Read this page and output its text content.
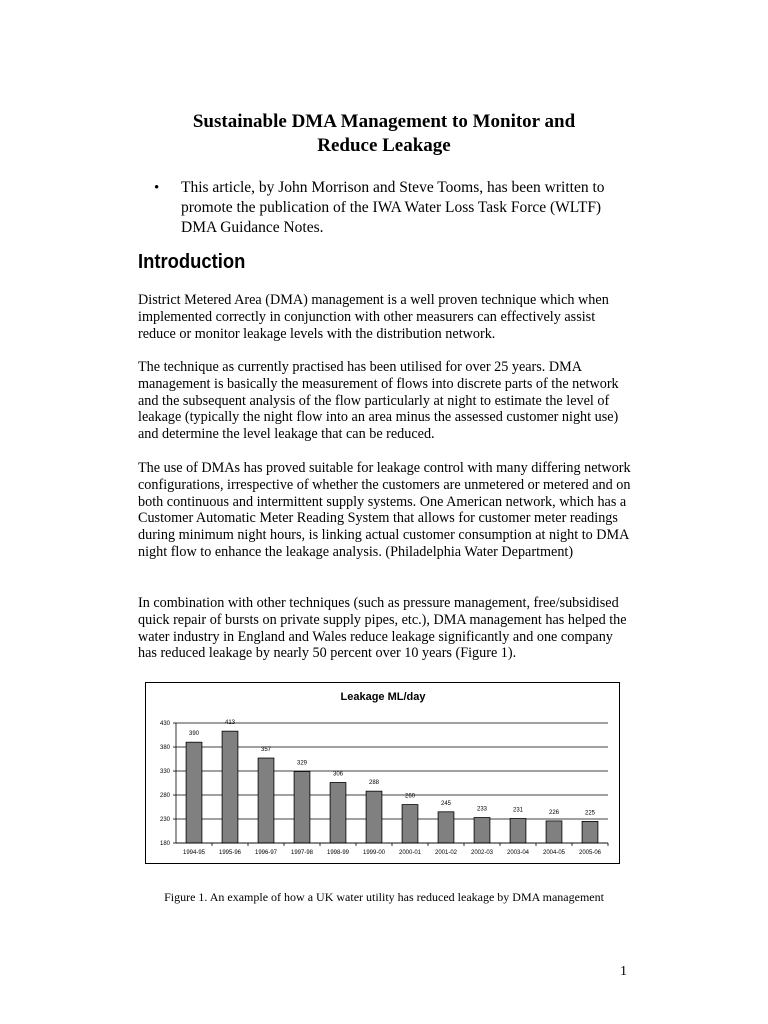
Sustainable DMA Management to Monitor and
Reduce Leakage
• This article, by John Morrison and Steve Tooms, has been written to promote the publication of the IWA Water Loss Task Force (WLTF) DMA Guidance Notes.
Introduction
District Metered Area (DMA) management is a well proven technique which when implemented correctly in conjunction with other measurers can effectively assist reduce or monitor leakage levels with the distribution network.
The technique as currently practised has been utilised for over 25 years. DMA management is basically the measurement of flows into discrete parts of the network and the subsequent analysis of the flow particularly at night to estimate the level of leakage (typically the night flow into an area minus the assessed customer night use) and determine the level leakage that can be reduced.
The use of DMAs has proved suitable for leakage control with many differing network configurations, irrespective of whether the customers are unmetered or metered and on both continuous and intermittent supply systems. One American network, which has a Customer Automatic Meter Reading System that allows for customer meter readings during minimum night hours, is linking actual customer consumption at night to DMA night flow to enhance the leakage analysis. (Philadelphia Water Department)
In combination with other techniques (such as pressure management, free/subsidised quick repair of bursts on private supply pipes, etc.), DMA management has helped the water industry in England and Wales reduce leakage significantly and one company has reduced leakage by nearly 50 percent over 10 years (Figure 1).
Leakage ML/day
390
413
357
329
306
288
260
245
233	231	226	225
180
230
280
330
380
430
1994-95 1995-96 1996-97 1997-98 1998-99 1999-00 2000-01 2001-02 2002-03 2003-04 2004-05 2005-06
Figure 1. An example of how a UK water utility has reduced leakage by DMA management
1
